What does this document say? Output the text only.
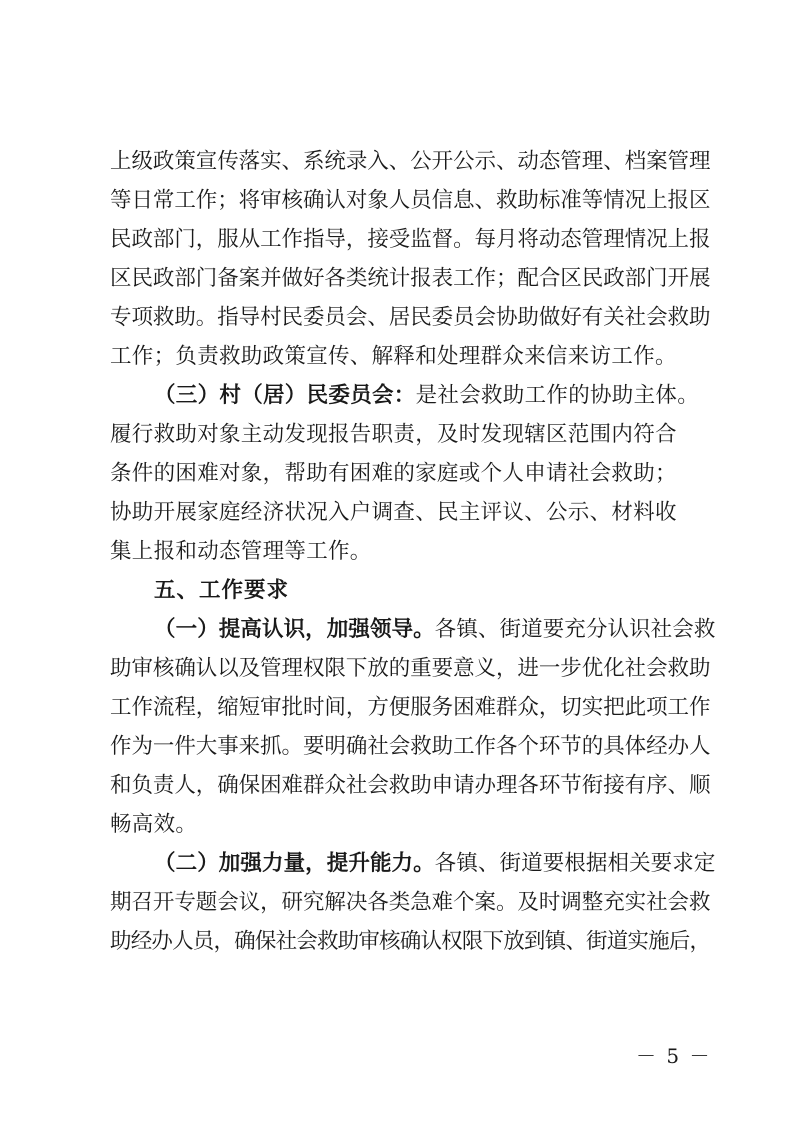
上级政策宣传落实、系统录入、公开公示、动态管理、档案管理
等日常工作；将审核确认对象人员信息、救助标准等情况上报区
民政部门，服从工作指导，接受监督。每月将动态管理情况上报
区民政部门备案并做好各类统计报表工作；配合区民政部门开展
专项救助。指导村民委员会、居民委员会协助做好有关社会救助
工作；负责救助政策宣传、解释和处理群众来信来访工作。
（三）村（居）民委员会：是社会救助工作的协助主体。
履行救助对象主动发现报告职责，及时发现辖区范围内符合
条件的困难对象，帮助有困难的家庭或个人申请社会救助；
协助开展家庭经济状况入户调查、民主评议、公示、材料收
集上报和动态管理等工作。
五、工作要求
（一）提高认识，加强领导。各镇、街道要充分认识社会救
助审核确认以及管理权限下放的重要意义，进一步优化社会救助
工作流程，缩短审批时间，方便服务困难群众，切实把此项工作
作为一件大事来抓。要明确社会救助工作各个环节的具体经办人
和负责人，确保困难群众社会救助申请办理各环节衔接有序、顺
畅高效。
（二）加强力量，提升能力。各镇、街道要根据相关要求定
期召开专题会议，研究解决各类急难个案。及时调整充实社会救
助经办人员，确保社会救助审核确认权限下放到镇、街道实施后，
－ 5 －
